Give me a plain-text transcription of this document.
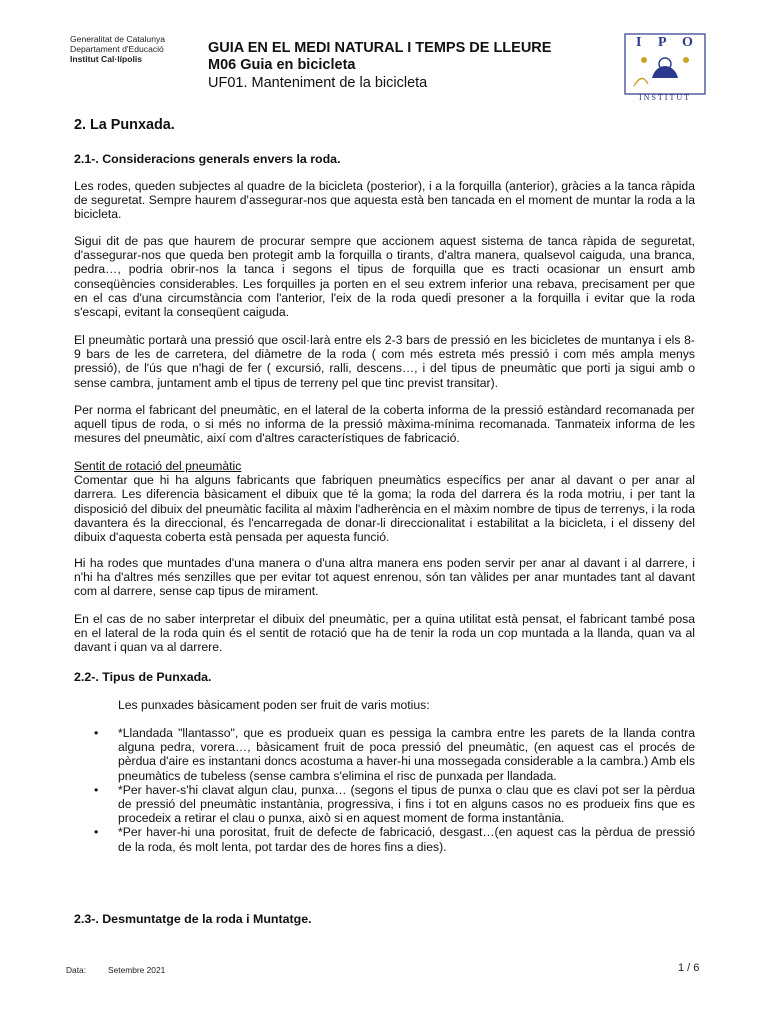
Generalitat de Catalunya
Departament d'Educació
Institut Cal·lípolis
GUIA EN EL MEDI NATURAL I TEMPS DE LLEURE
M06 Guia en bicicleta
UF01. Manteniment de la bicicleta
I P O
INSTITUT
2. La Punxada.
2.1-. Consideracions generals envers la roda.

Les rodes, queden subjectes al quadre de la bicicleta (posterior), i a la forquilla (anterior), gràcies a la tanca ràpida de seguretat. Sempre haurem d'assegurar-nos que aquesta està ben tancada en el moment de muntar la roda a la bicicleta.

Sigui dit de pas que haurem de procurar sempre que accionem aquest sistema de tanca ràpida de seguretat, d'assegurar-nos que queda ben protegit amb la forquilla o tirants, d'altra manera, qualsevol caiguda, una branca, pedra…, podria obrir-nos la tanca i segons el tipus de forquilla que es tracti ocasionar un ensurt amb conseqüències considerables. Les forquilles ja porten en el seu extrem inferior una rebava, precisament per que en el cas d'una circumstància com l'anterior, l'eix de la roda quedi presoner a la forquilla i evitar que la roda s'escapi, evitant la conseqüent caiguda.

El pneumàtic portarà una pressió que oscil·larà entre els 2-3 bars de pressió en les bicicletes de muntanya i els 8-9 bars de les de carretera, del diàmetre de la roda ( com més estreta més pressió i com més ampla menys pressió), de l'ús que n'hagi de fer ( excursió, ralli, descens…, i del tipus de pneumàtic que porti ja sigui amb o sense cambra, juntament amb el tipus de terreny pel que tinc previst transitar).

Per norma el fabricant del pneumàtic, en el lateral de la coberta informa de la pressió estàndard recomanada per aquell tipus de roda, o si més no informa de la pressió màxima-mínima recomanada. Tanmateix informa de les mesures del pneumàtic, així com d'altres característiques de fabricació.

Sentit de rotació del pneumàtic

Comentar que hi ha alguns fabricants que fabriquen pneumàtics específics per anar al davant o per anar al darrera. Les diferencia bàsicament el dibuix que té la goma; la roda del darrera és la roda motriu, i per tant la disposició del dibuix del pneumàtic facilita al màxim l'adherència en el màxim nombre de tipus de terrenys, i la roda davantera és la direccional, és l'encarregada de donar-li direccionalitat i estabilitat a la bicicleta, i el disseny del dibuix d'aquesta coberta està pensada per aquesta funció.

Hi ha rodes que muntades d'una manera o d'una altra manera ens poden servir per anar al davant i al darrere, i n'hi ha d'altres més senzilles que per evitar tot aquest enrenou, són tan vàlides per anar muntades tant al davant com al darrere, sense cap tipus de mirament.

En el cas de no saber interpretar el dibuix del pneumàtic, per a quina utilitat està pensat, el fabricant també posa en el lateral de la roda quin és el sentit de rotació que ha de tenir la roda un cop muntada a la llanda, quan va al davant i quan va al darrere.

2.2-. Tipus de Punxada.
Les punxades bàsicament poden ser fruit de varis motius:
• *Llandada "llantasso", que es produeix quan es pessiga la cambra entre les parets de la llanda contra alguna pedra, vorera…, bàsicament fruit de poca pressió del pneumàtic, (en aquest cas el procés de pèrdua d'aire es instantani doncs acostuma a haver-hi una mossegada considerable a la cambra.) Amb els pneumàtics de tubeless (sense cambra s'elimina el risc de punxada per llandada.
• *Per haver-s'hi clavat algun clau, punxa… (segons el tipus de punxa o clau que es clavi pot ser la pèrdua de pressió del pneumàtic instantània, progressiva, i fins i tot en alguns casos no es produeix fins que es procedeix a retirar el clau o punxa, això si en aquest moment de forma instantània.
• *Per haver-hi una porositat, fruit de defecte de fabricació, desgast…(en aquest cas la pèrdua de pressió de la roda, és molt lenta, pot tardar des de hores fins a dies).
2.3-. Desmuntatge de la roda i Muntatge.
Data:	Setembre 2021	1 / 6
